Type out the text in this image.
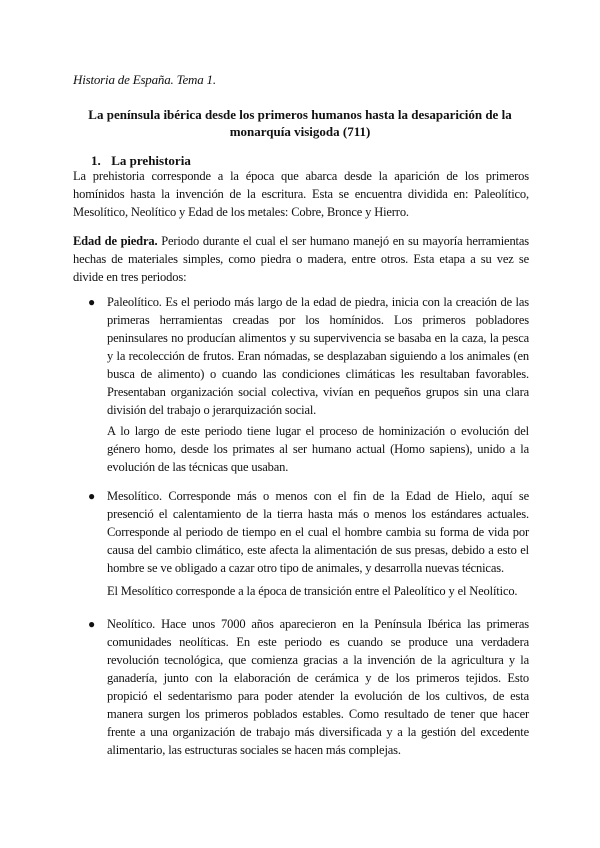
Historia de España. Tema 1.
La península ibérica desde los primeros humanos hasta la desaparición de la monarquía visigoda (711)
1. La prehistoria

La prehistoria corresponde a la época que abarca desde la aparición de los primeros homínidos hasta la invención de la escritura. Esta se encuentra dividida en: Paleolítico, Mesolítico, Neolítico y Edad de los metales: Cobre, Bronce y Hierro.

Edad de piedra. Periodo durante el cual el ser humano manejó en su mayoría herramientas hechas de materiales simples, como piedra o madera, entre otros. Esta etapa a su vez se divide en tres periodos:

● Paleolítico. Es el periodo más largo de la edad de piedra, inicia con la creación de las primeras herramientas creadas por los homínidos. Los primeros pobladores peninsulares no producían alimentos y su supervivencia se basaba en la caza, la pesca y la recolección de frutos. Eran nómadas, se desplazaban siguiendo a los animales (en busca de alimento) o cuando las condiciones climáticas les resultaban favorables. Presentaban organización social colectiva, vivían en pequeños grupos sin una clara división del trabajo o jerarquización social.

A lo largo de este periodo tiene lugar el proceso de hominización o evolución del género homo, desde los primates al ser humano actual (Homo sapiens), unido a la evolución de las técnicas que usaban.

● Mesolítico. Corresponde más o menos con el fin de la Edad de Hielo, aquí se presenció el calentamiento de la tierra hasta más o menos los estándares actuales. Corresponde al periodo de tiempo en el cual el hombre cambia su forma de vida por causa del cambio climático, este afecta la alimentación de sus presas, debido a esto el hombre se ve obligado a cazar otro tipo de animales, y desarrolla nuevas técnicas.

El Mesolítico corresponde a la época de transición entre el Paleolítico y el Neolítico.

● Neolítico. Hace unos 7000 años aparecieron en la Península Ibérica las primeras comunidades neolíticas. En este periodo es cuando se produce una verdadera revolución tecnológica, que comienza gracias a la invención de la agricultura y la ganadería, junto con la elaboración de cerámica y de los primeros tejidos. Esto propició el sedentarismo para poder atender la evolución de los cultivos, de esta manera surgen los primeros poblados estables. Como resultado de tener que hacer frente a una organización de trabajo más diversificada y a la gestión del excedente alimentario, las estructuras sociales se hacen más complejas.
